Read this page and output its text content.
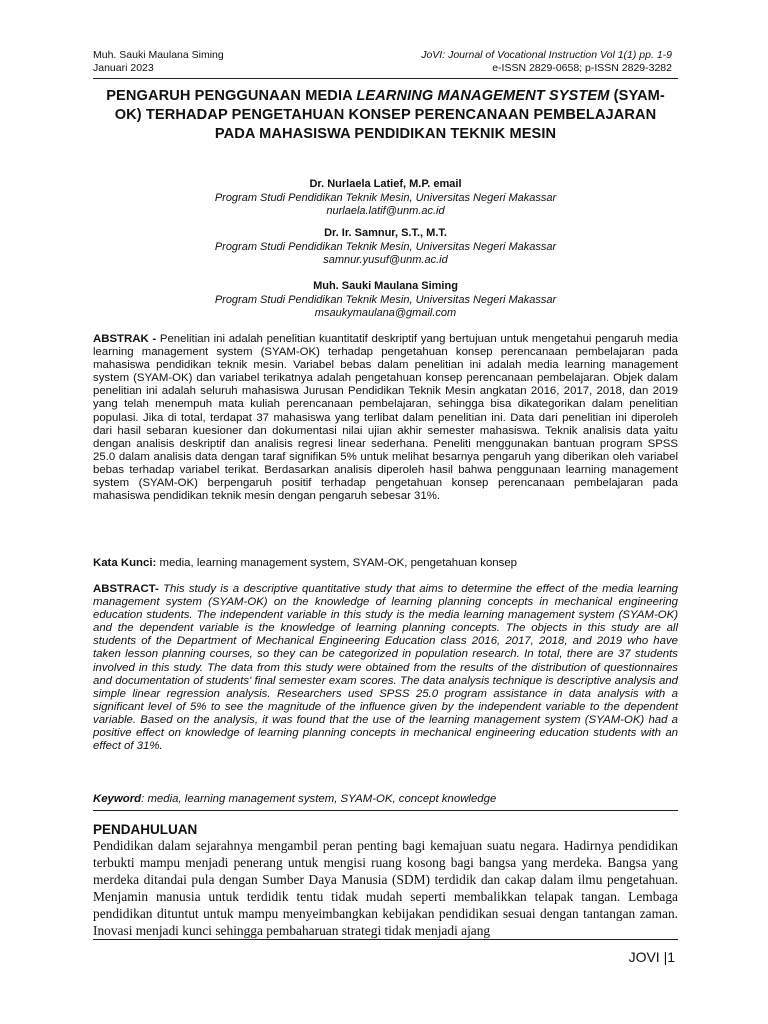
Muh. Sauki Maulana Siming
Januari 2023
JoVI: Journal of Vocational Instruction Vol 1(1) pp. 1-9
e-ISSN 2829-0658; p-ISSN 2829-3282
PENGARUH PENGGUNAAN MEDIA LEARNING MANAGEMENT SYSTEM (SYAM-OK) TERHADAP PENGETAHUAN KONSEP PERENCANAAN PEMBELAJARAN PADA MAHASISWA PENDIDIKAN TEKNIK MESIN
Dr. Nurlaela Latief, M.P. email
Program Studi Pendidikan Teknik Mesin, Universitas Negeri Makassar
nurlaela.latif@unm.ac.id
Dr. Ir. Samnur, S.T., M.T.
Program Studi Pendidikan Teknik Mesin, Universitas Negeri Makassar
samnur.yusuf@unm.ac.id
Muh. Sauki Maulana Siming
Program Studi Pendidikan Teknik Mesin, Universitas Negeri Makassar
msaukymaulana@gmail.com
ABSTRAK - Penelitian ini adalah penelitian kuantitatif deskriptif yang bertujuan untuk mengetahui pengaruh media learning management system (SYAM-OK) terhadap pengetahuan konsep perencanaan pembelajaran pada mahasiswa pendidikan teknik mesin. Variabel bebas dalam penelitian ini adalah media learning management system (SYAM-OK) dan variabel terikatnya adalah pengetahuan konsep perencanaan pembelajaran. Objek dalam penelitian ini adalah seluruh mahasiswa Jurusan Pendidikan Teknik Mesin angkatan 2016, 2017, 2018, dan 2019 yang telah menempuh mata kuliah perencanaan pembelajaran, sehingga bisa dikategorikan dalam penelitian populasi. Jika di total, terdapat 37 mahasiswa yang terlibat dalam penelitian ini. Data dari penelitian ini diperoleh dari hasil sebaran kuesioner dan dokumentasi nilai ujian akhir semester mahasiswa. Teknik analisis data yaitu dengan analisis deskriptif dan analisis regresi linear sederhana. Peneliti menggunakan bantuan program SPSS 25.0 dalam analisis data dengan taraf signifikan 5% untuk melihat besarnya pengaruh yang diberikan oleh variabel bebas terhadap variabel terikat. Berdasarkan analisis diperoleh hasil bahwa penggunaan learning management system (SYAM-OK) berpengaruh positif terhadap pengetahuan konsep perencanaan pembelajaran pada mahasiswa pendidikan teknik mesin dengan pengaruh sebesar 31%.
Kata Kunci: media, learning management system, SYAM-OK, pengetahuan konsep
ABSTRACT- This study is a descriptive quantitative study that aims to determine the effect of the media learning management system (SYAM-OK) on the knowledge of learning planning concepts in mechanical engineering education students. The independent variable in this study is the media learning management system (SYAM-OK) and the dependent variable is the knowledge of learning planning concepts. The objects in this study are all students of the Department of Mechanical Engineering Education class 2016, 2017, 2018, and 2019 who have taken lesson planning courses, so they can be categorized in population research. In total, there are 37 students involved in this study. The data from this study were obtained from the results of the distribution of questionnaires and documentation of students' final semester exam scores. The data analysis technique is descriptive analysis and simple linear regression analysis. Researchers used SPSS 25.0 program assistance in data analysis with a significant level of 5% to see the magnitude of the influence given by the independent variable to the dependent variable. Based on the analysis, it was found that the use of the learning management system (SYAM-OK) had a positive effect on knowledge of learning planning concepts in mechanical engineering education students with an effect of 31%.
Keyword: media, learning management system, SYAM-OK, concept knowledge
PENDAHULUAN
Pendidikan dalam sejarahnya mengambil peran penting bagi kemajuan suatu negara. Hadirnya pendidikan terbukti mampu menjadi penerang untuk mengisi ruang kosong bagi bangsa yang merdeka. Bangsa yang merdeka ditandai pula dengan Sumber Daya Manusia (SDM) terdidik dan cakap dalam ilmu pengetahuan. Menjamin manusia untuk terdidik tentu tidak mudah seperti membalikkan telapak tangan. Lembaga pendidikan dituntut untuk mampu menyeimbangkan kebijakan pendidikan sesuai dengan tantangan zaman. Inovasi menjadi kunci sehingga pembaharuan strategi tidak menjadi ajang
JOVI |1
